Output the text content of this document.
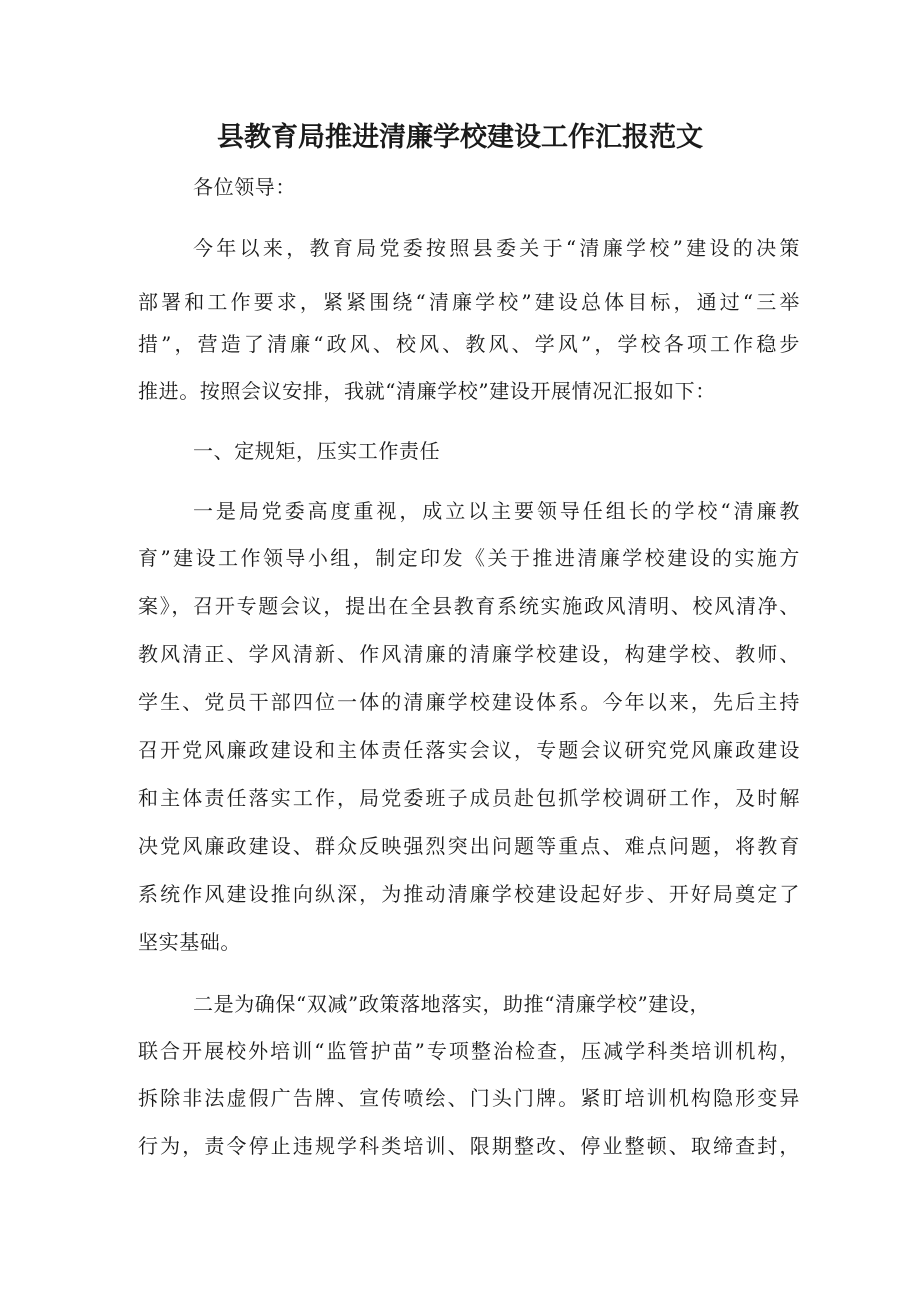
县教育局推进清廉学校建设工作汇报范文
各位领导：
今年以来，教育局党委按照县委关于“清廉学校”建设的决策
部署和工作要求，紧紧围绕“清廉学校”建设总体目标，通过“三举
措”，营造了清廉“政风、校风、教风、学风”，学校各项工作稳步
推进。按照会议安排，我就“清廉学校”建设开展情况汇报如下：
一、定规矩，压实工作责任
一是局党委高度重视，成立以主要领导任组长的学校“清廉教
育”建设工作领导小组，制定印发《关于推进清廉学校建设的实施方
案》，召开专题会议，提出在全县教育系统实施政风清明、校风清净、
教风清正、学风清新、作风清廉的清廉学校建设，构建学校、教师、
学生、党员干部四位一体的清廉学校建设体系。今年以来，先后主持
召开党风廉政建设和主体责任落实会议，专题会议研究党风廉政建设
和主体责任落实工作，局党委班子成员赴包抓学校调研工作，及时解
决党风廉政建设、群众反映强烈突出问题等重点、难点问题，将教育
系统作风建设推向纵深，为推动清廉学校建设起好步、开好局奠定了
坚实基础。
二是为确保“双减”政策落地落实，助推“清廉学校”建设，
联合开展校外培训“监管护苗”专项整治检查，压减学科类培训机构，
拆除非法虚假广告牌、宣传喷绘、门头门牌。紧盯培训机构隐形变异
行为，责令停止违规学科类培训、限期整改、停业整顿、取缔查封，
